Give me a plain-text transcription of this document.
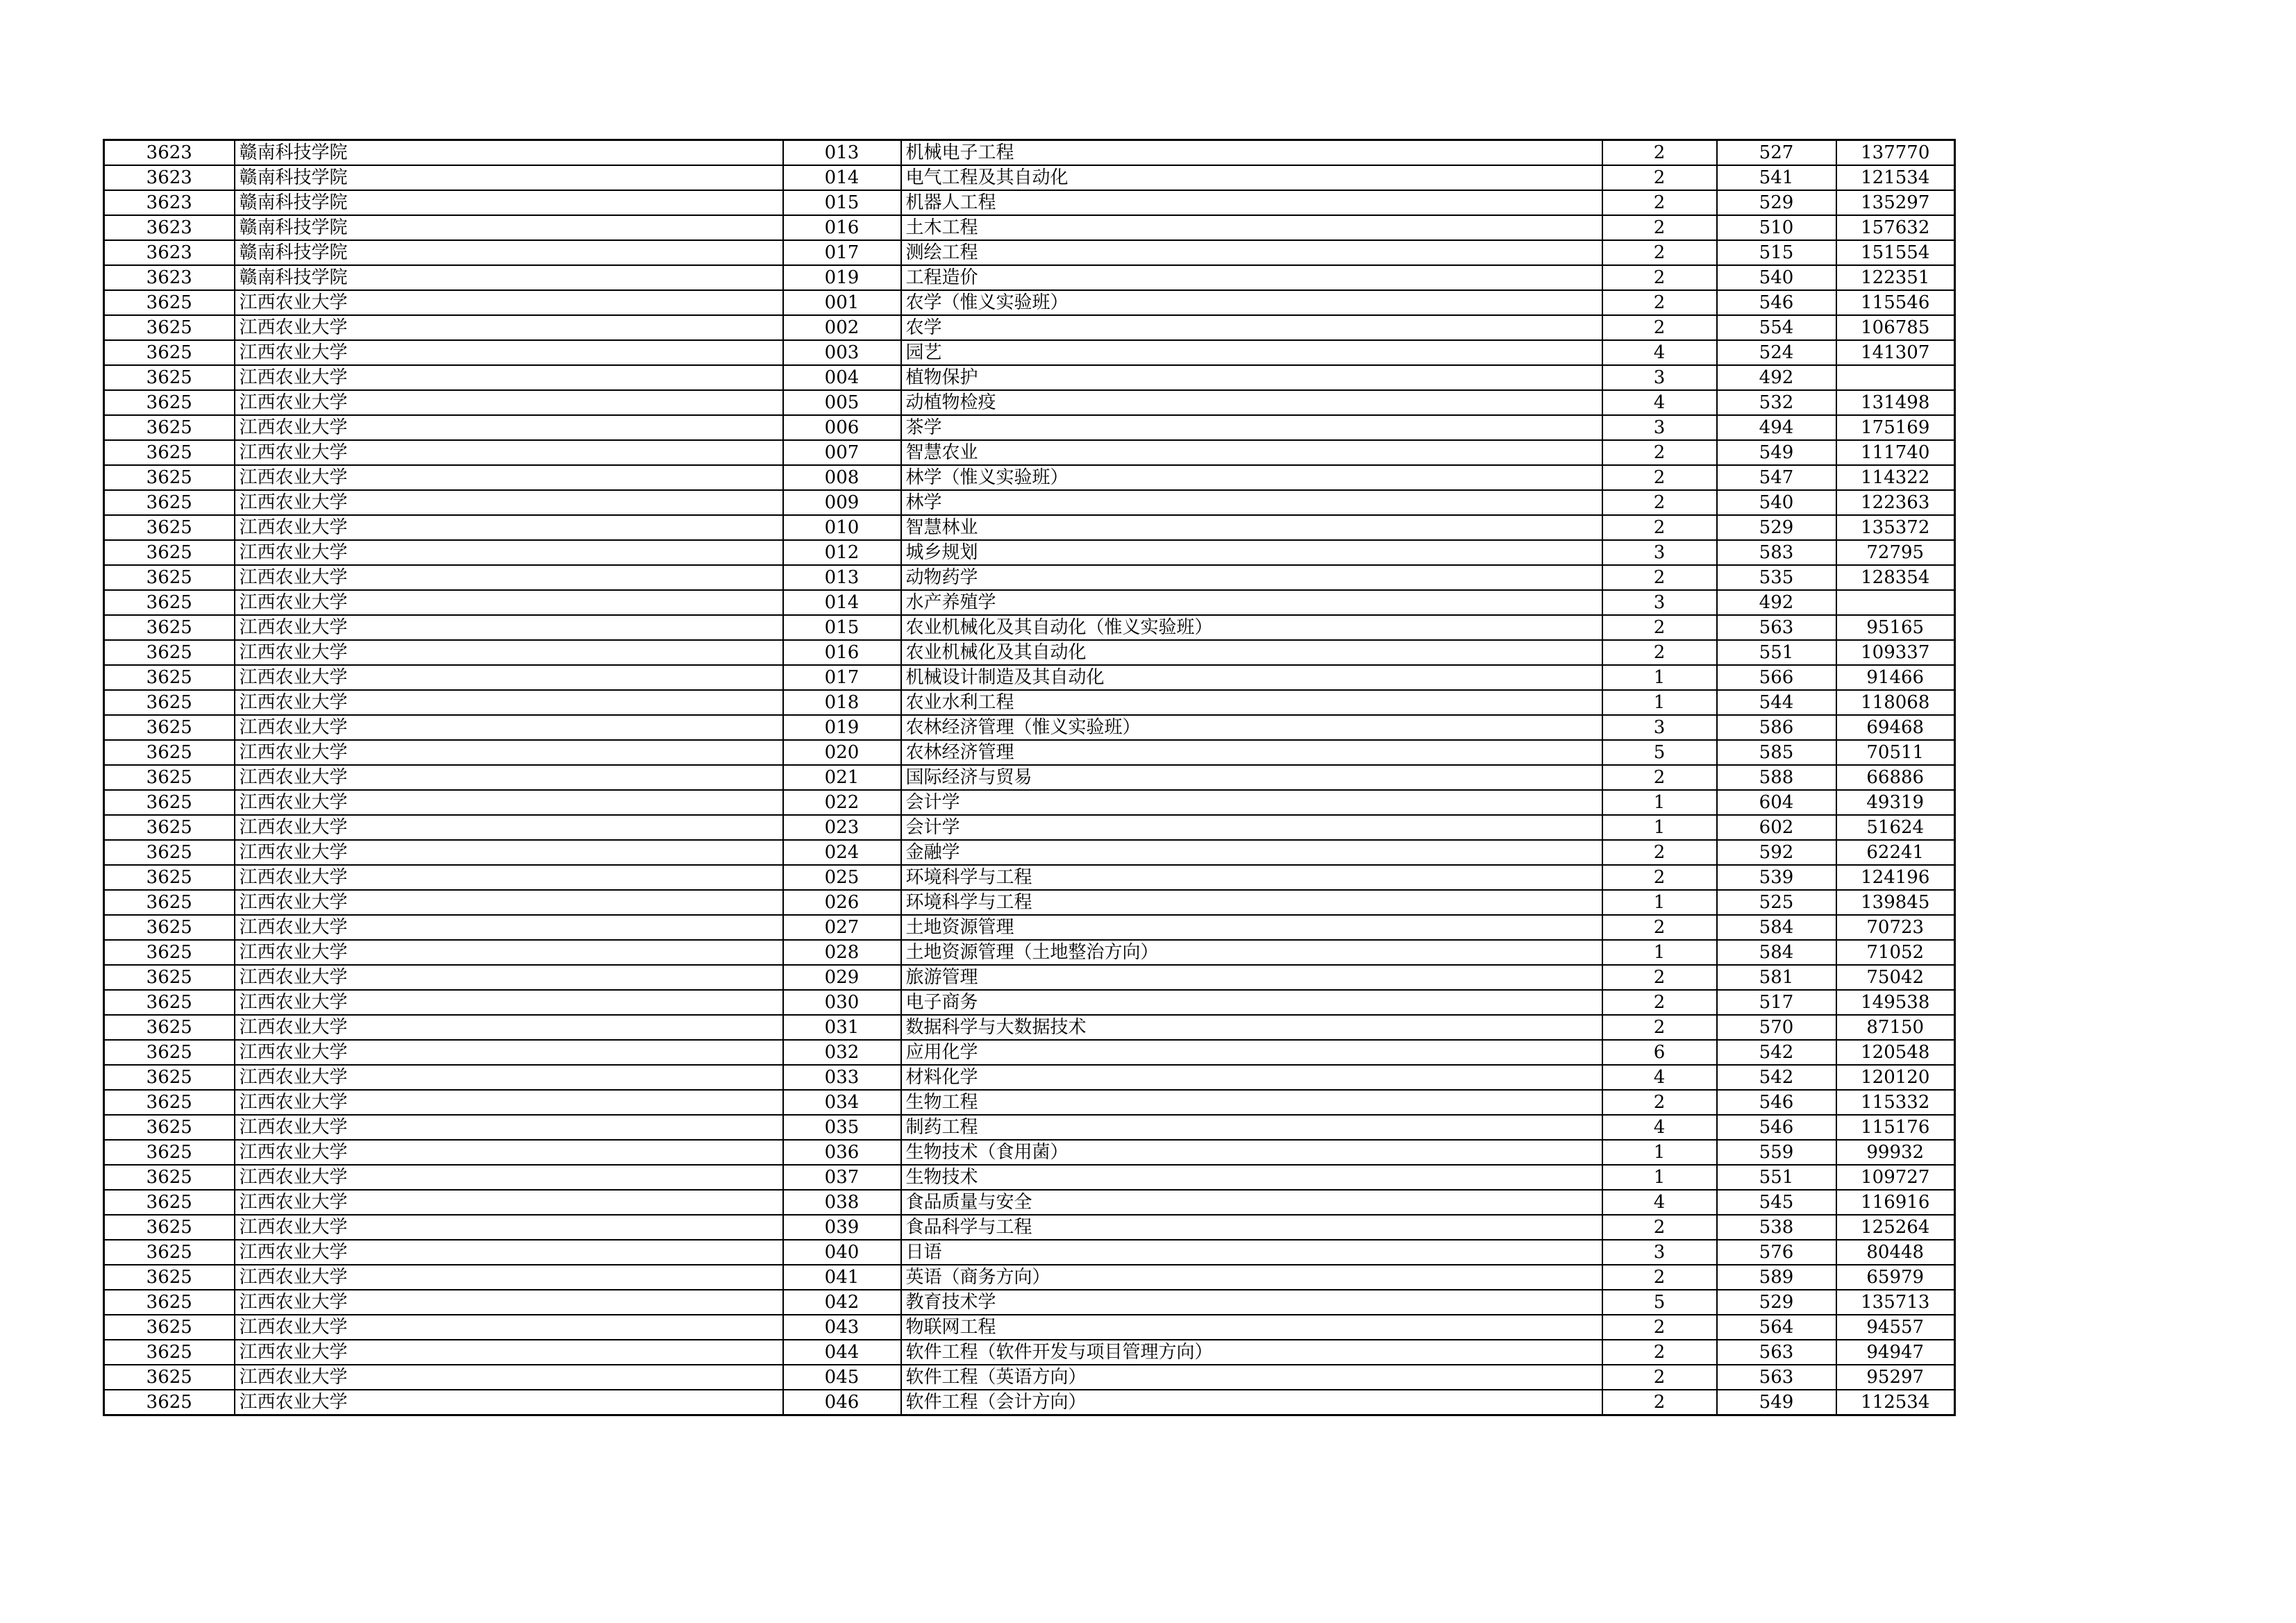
3623	赣南科技学院	013	机械电子工程	2	527	137770
3623	赣南科技学院	014	电气工程及其自动化	2	541	121534
3623	赣南科技学院	015	机器人工程	2	529	135297
3623	赣南科技学院	016	土木工程	2	510	157632
3623	赣南科技学院	017	测绘工程	2	515	151554
3623	赣南科技学院	019	工程造价	2	540	122351
3625	江西农业大学	001	农学（惟义实验班）	2	546	115546
3625	江西农业大学	002	农学	2	554	106785
3625	江西农业大学	003	园艺	4	524	141307
3625	江西农业大学	004	植物保护	3	492	
3625	江西农业大学	005	动植物检疫	4	532	131498
3625	江西农业大学	006	茶学	3	494	175169
3625	江西农业大学	007	智慧农业	2	549	111740
3625	江西农业大学	008	林学（惟义实验班）	2	547	114322
3625	江西农业大学	009	林学	2	540	122363
3625	江西农业大学	010	智慧林业	2	529	135372
3625	江西农业大学	012	城乡规划	3	583	72795
3625	江西农业大学	013	动物药学	2	535	128354
3625	江西农业大学	014	水产养殖学	3	492	
3625	江西农业大学	015	农业机械化及其自动化（惟义实验班）	2	563	95165
3625	江西农业大学	016	农业机械化及其自动化	2	551	109337
3625	江西农业大学	017	机械设计制造及其自动化	1	566	91466
3625	江西农业大学	018	农业水利工程	1	544	118068
3625	江西农业大学	019	农林经济管理（惟义实验班）	3	586	69468
3625	江西农业大学	020	农林经济管理	5	585	70511
3625	江西农业大学	021	国际经济与贸易	2	588	66886
3625	江西农业大学	022	会计学	1	604	49319
3625	江西农业大学	023	会计学	1	602	51624
3625	江西农业大学	024	金融学	2	592	62241
3625	江西农业大学	025	环境科学与工程	2	539	124196
3625	江西农业大学	026	环境科学与工程	1	525	139845
3625	江西农业大学	027	土地资源管理	2	584	70723
3625	江西农业大学	028	土地资源管理（土地整治方向）	1	584	71052
3625	江西农业大学	029	旅游管理	2	581	75042
3625	江西农业大学	030	电子商务	2	517	149538
3625	江西农业大学	031	数据科学与大数据技术	2	570	87150
3625	江西农业大学	032	应用化学	6	542	120548
3625	江西农业大学	033	材料化学	4	542	120120
3625	江西农业大学	034	生物工程	2	546	115332
3625	江西农业大学	035	制药工程	4	546	115176
3625	江西农业大学	036	生物技术（食用菌）	1	559	99932
3625	江西农业大学	037	生物技术	1	551	109727
3625	江西农业大学	038	食品质量与安全	4	545	116916
3625	江西农业大学	039	食品科学与工程	2	538	125264
3625	江西农业大学	040	日语	3	576	80448
3625	江西农业大学	041	英语（商务方向）	2	589	65979
3625	江西农业大学	042	教育技术学	5	529	135713
3625	江西农业大学	043	物联网工程	2	564	94557
3625	江西农业大学	044	软件工程（软件开发与项目管理方向）	2	563	94947
3625	江西农业大学	045	软件工程（英语方向）	2	563	95297
3625	江西农业大学	046	软件工程（会计方向）	2	549	112534
